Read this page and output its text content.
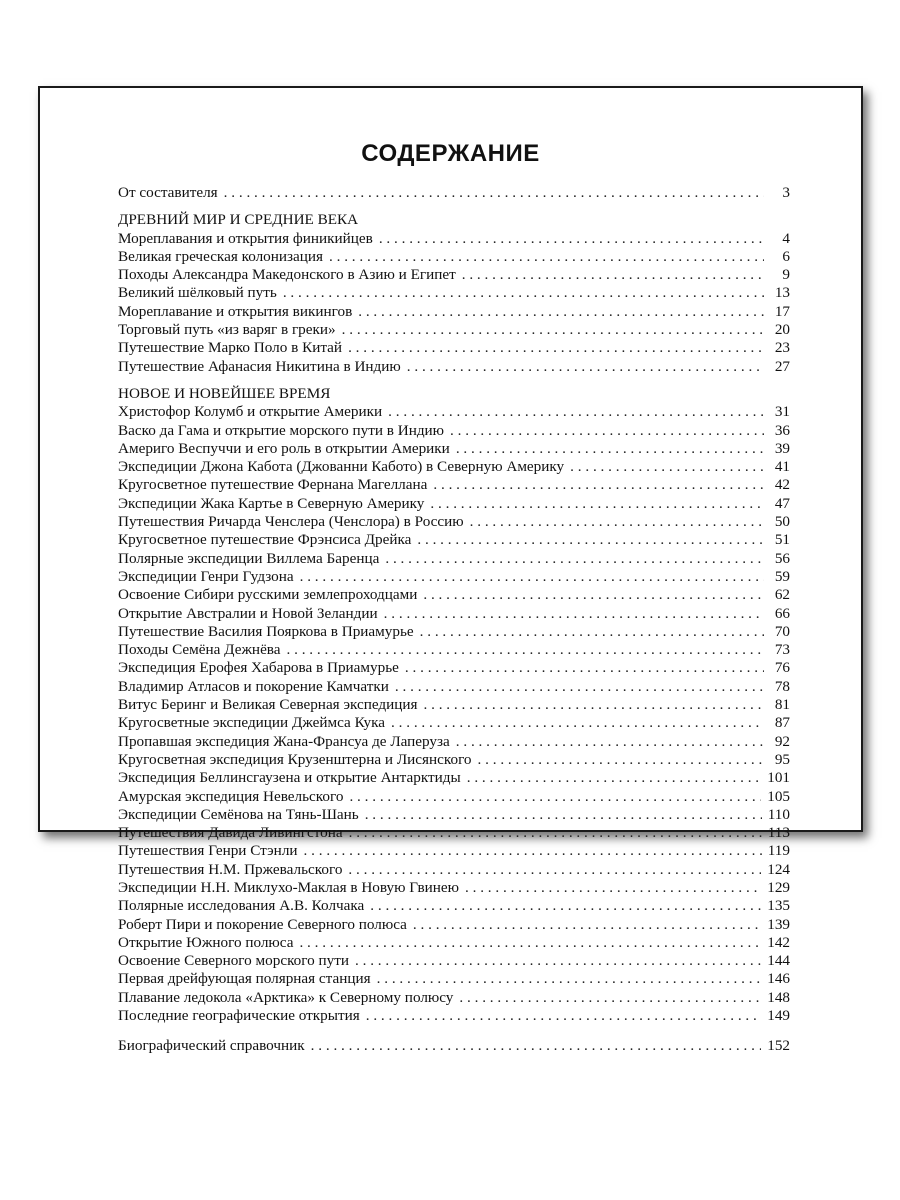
СОДЕРЖАНИЕ
От составителя . . .	3
ДРЕВНИЙ МИР И СРЕДНИЕ ВЕКА
Мореплавания и открытия финикийцев . . .	4
Великая греческая колонизация . . .	6
Походы Александра Македонского в Азию и Египет . . .	9
Великий шёлковый путь . . .	13
Мореплавание и открытия викингов . . .	17
Торговый путь «из варяг в греки» . . .	20
Путешествие Марко Поло в Китай . . .	23
Путешествие Афанасия Никитина в Индию . . .	27
НОВОЕ И НОВЕЙШЕЕ ВРЕМЯ
Христофор Колумб и открытие Америки . . .	31
Васко да Гама и открытие морского пути в Индию . . .	36
Америго Веспуччи и его роль в открытии Америки . . .	39
Экспедиции Джона Кабота (Джованни Кабото) в Северную Америку . . .	41
Кругосветное путешествие Фернана Магеллана . . .	42
Экспедиции Жака Картье в Северную Америку . . .	47
Путешествия Ричарда Ченслера (Ченслора) в Россию . . .	50
Кругосветное путешествие Фрэнсиса Дрейка . . .	51
Полярные экспедиции Виллема Баренца . . .	56
Экспедиции Генри Гудзона . . .	59
Освоение Сибири русскими землепроходцами . . .	62
Открытие Австралии и Новой Зеландии . . .	66
Путешествие Василия Пояркова в Приамурье . . .	70
Походы Семёна Дежнёва . . .	73
Экспедиция Ерофея Хабарова в Приамурье . . .	76
Владимир Атласов и покорение Камчатки . . .	78
Витус Беринг и Великая Северная экспедиция . . .	81
Кругосветные экспедиции Джеймса Кука . . .	87
Пропавшая экспедиция Жана-Франсуа де Лаперуза . . .	92
Кругосветная экспедиция Крузенштерна и Лисянского . . .	95
Экспедиция Беллинсгаузена и открытие Антарктиды . . .	101
Амурская экспедиция Невельского . . .	105
Экспедиции Семёнова на Тянь-Шань . . .	110
Путешествия Давида Ливингстона . . .	113
Путешествия Генри Стэнли . . .	119
Путешествия Н.М. Пржевальского . . .	124
Экспедиции Н.Н. Миклухо-Маклая в Новую Гвинею . . .	129
Полярные исследования А.В. Колчака . . .	135
Роберт Пири и покорение Северного полюса . . .	139
Открытие Южного полюса . . .	142
Освоение Северного морского пути . . .	144
Первая дрейфующая полярная станция . . .	146
Плавание ледокола «Арктика» к Северному полюсу . . .	148
Последние географические открытия . . .	149
Биографический справочник . . .	152
